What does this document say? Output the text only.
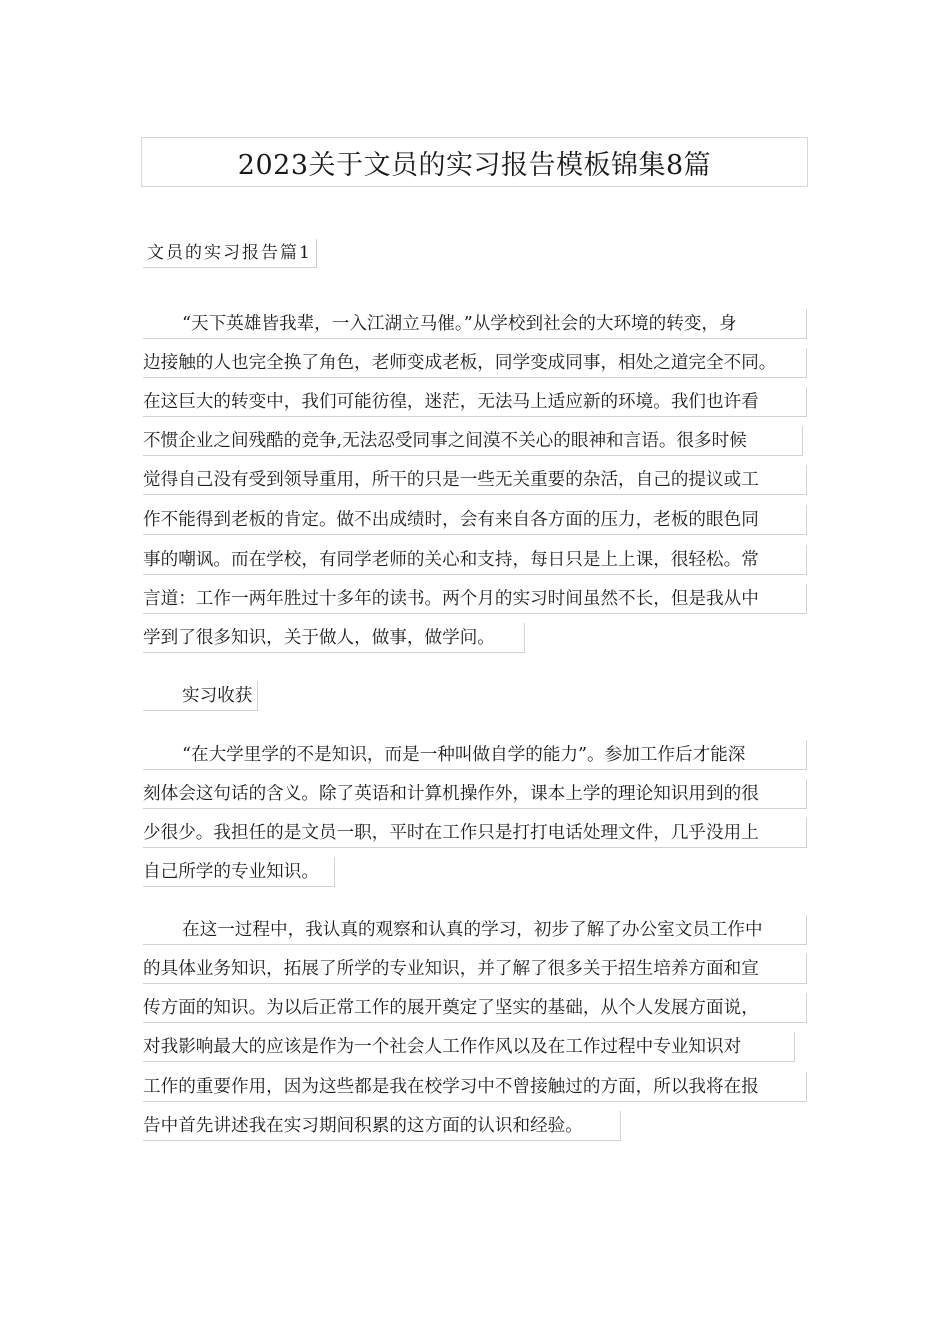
2023关于文员的实习报告模板锦集8篇
文员的实习报告篇1
“天下英雄皆我辈，一入江湖立马催。”从学校到社会的大环境的转变，身
边接触的人也完全换了角色，老师变成老板，同学变成同事，相处之道完全不同。
在这巨大的转变中，我们可能彷徨，迷茫，无法马上适应新的环境。我们也许看
不惯企业之间残酷的竞争,无法忍受同事之间漠不关心的眼神和言语。很多时候
觉得自己没有受到领导重用，所干的只是一些无关重要的杂活，自己的提议或工
作不能得到老板的肯定。做不出成绩时，会有来自各方面的压力，老板的眼色同
事的嘲讽。而在学校，有同学老师的关心和支持，每日只是上上课，很轻松。常
言道：工作一两年胜过十多年的读书。两个月的实习时间虽然不长，但是我从中
学到了很多知识，关于做人，做事，做学问。
实习收获
“在大学里学的不是知识，而是一种叫做自学的能力”。参加工作后才能深
刻体会这句话的含义。除了英语和计算机操作外，课本上学的理论知识用到的很
少很少。我担任的是文员一职，平时在工作只是打打电话处理文件，几乎没用上
自己所学的专业知识。
在这一过程中，我认真的观察和认真的学习，初步了解了办公室文员工作中
的具体业务知识，拓展了所学的专业知识，并了解了很多关于招生培养方面和宣
传方面的知识。为以后正常工作的展开奠定了坚实的基础，从个人发展方面说，
对我影响最大的应该是作为一个社会人工作作风以及在工作过程中专业知识对
工作的重要作用，因为这些都是我在校学习中不曾接触过的方面，所以我将在报
告中首先讲述我在实习期间积累的这方面的认识和经验。
